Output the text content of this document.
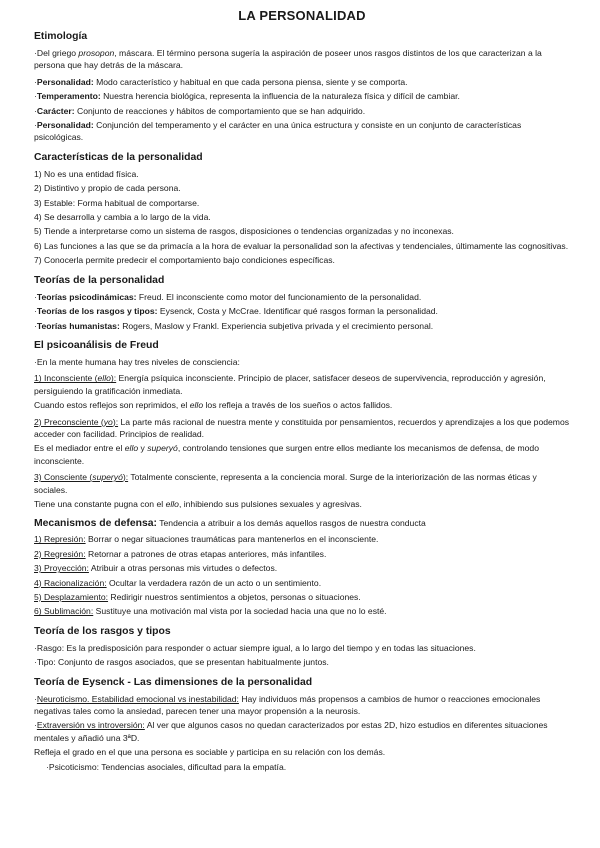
LA PERSONALIDAD
Etimología
·Del griego prosopon, máscara. El término persona sugería la aspiración de poseer unos rasgos distintos de los que caracterizan a la persona que hay detrás de la máscara.
·Personalidad: Modo característico y habitual en que cada persona piensa, siente y se comporta.
·Temperamento: Nuestra herencia biológica, representa la influencia de la naturaleza física y difícil de cambiar.
·Carácter: Conjunto de reacciones y hábitos de comportamiento que se han adquirido.
·Personalidad: Conjunción del temperamento y el carácter en una única estructura y consiste en un conjunto de características psicológicas.
Características de la personalidad
1) No es una entidad física.
2) Distintivo y propio de cada persona.
3) Estable: Forma habitual de comportarse.
4) Se desarrolla y cambia a lo largo de la vida.
5) Tiende a interpretarse como un sistema de rasgos, disposiciones o tendencias organizadas y no inconexas.
6) Las funciones a las que se da primacía a la hora de evaluar la personalidad son la afectivas y tendenciales, últimamente las cognositivas.
7) Conocerla permite predecir el comportamiento bajo condiciones específicas.
Teorías de la personalidad
·Teorías psicodinámicas: Freud. El inconsciente como motor del funcionamiento de la personalidad.
·Teorías de los rasgos y tipos: Eysenck, Costa y McCrae. Identificar qué rasgos forman la personalidad.
·Teorías humanistas: Rogers, Maslow y Frankl. Experiencia subjetiva privada y el crecimiento personal.
El psicoanálisis de Freud
·En la mente humana hay tres niveles de consciencia:
1) Inconsciente (ello): Energía psíquica inconsciente. Principio de placer, satisfacer deseos de supervivencia, reproducción y agresión, persiguiendo la gratificación inmediata.
Cuando estos reflejos son reprimidos, el ello los refleja a través de los sueños o actos fallidos.
2) Preconsciente (yo): La parte más racional de nuestra mente y constituida por pensamientos, recuerdos y aprendizajes a los que podemos acceder con facilidad. Principios de realidad.
Es el mediador entre el ello y superyó, controlando tensiones que surgen entre ellos mediante los mecanismos de defensa, de modo inconsciente.
3) Consciente (superyó): Totalmente consciente, representa a la conciencia moral. Surge de la interiorización de las normas éticas y sociales.
Tiene una constante pugna con el ello, inhibiendo sus pulsiones sexuales y agresivas.
Mecanismos de defensa: Tendencia a atribuir a los demás aquellos rasgos de nuestra conducta
1) Represión: Borrar o negar situaciones traumáticas para mantenerlos en el inconsciente.
2) Regresión: Retornar a patrones de otras etapas anteriores, más infantiles.
3) Proyección: Atribuir a otras personas mis virtudes o defectos.
4) Racionalización: Ocultar la verdadera razón de un acto o un sentimiento.
5) Desplazamiento: Redirigir nuestros sentimientos a objetos, personas o situaciones.
6) Sublimación: Sustituye una motivación mal vista por la sociedad hacia una que no lo esté.
Teoría de los rasgos y tipos
·Rasgo: Es la predisposición para responder o actuar siempre igual, a lo largo del tiempo y en todas las situaciones.
·Tipo: Conjunto de rasgos asociados, que se presentan habitualmente juntos.
Teoría de Eysenck - Las dimensiones de la personalidad
·Neuroticismo. Estabilidad emocional vs inestabilidad: Hay individuos más propensos a cambios de humor o reacciones emocionales negativas tales como la ansiedad, parecen tener una mayor propensión a la neurosis.
·Extraversión vs introversión: Al ver que algunos casos no quedan caracterizados por estas 2D, hizo estudios en diferentes situaciones mentales y añadió una 3ªD.
Refleja el grado en el que una persona es sociable y participa en su relación con los demás.
·Psicoticismo: Tendencias asociales, dificultad para la empatía.
